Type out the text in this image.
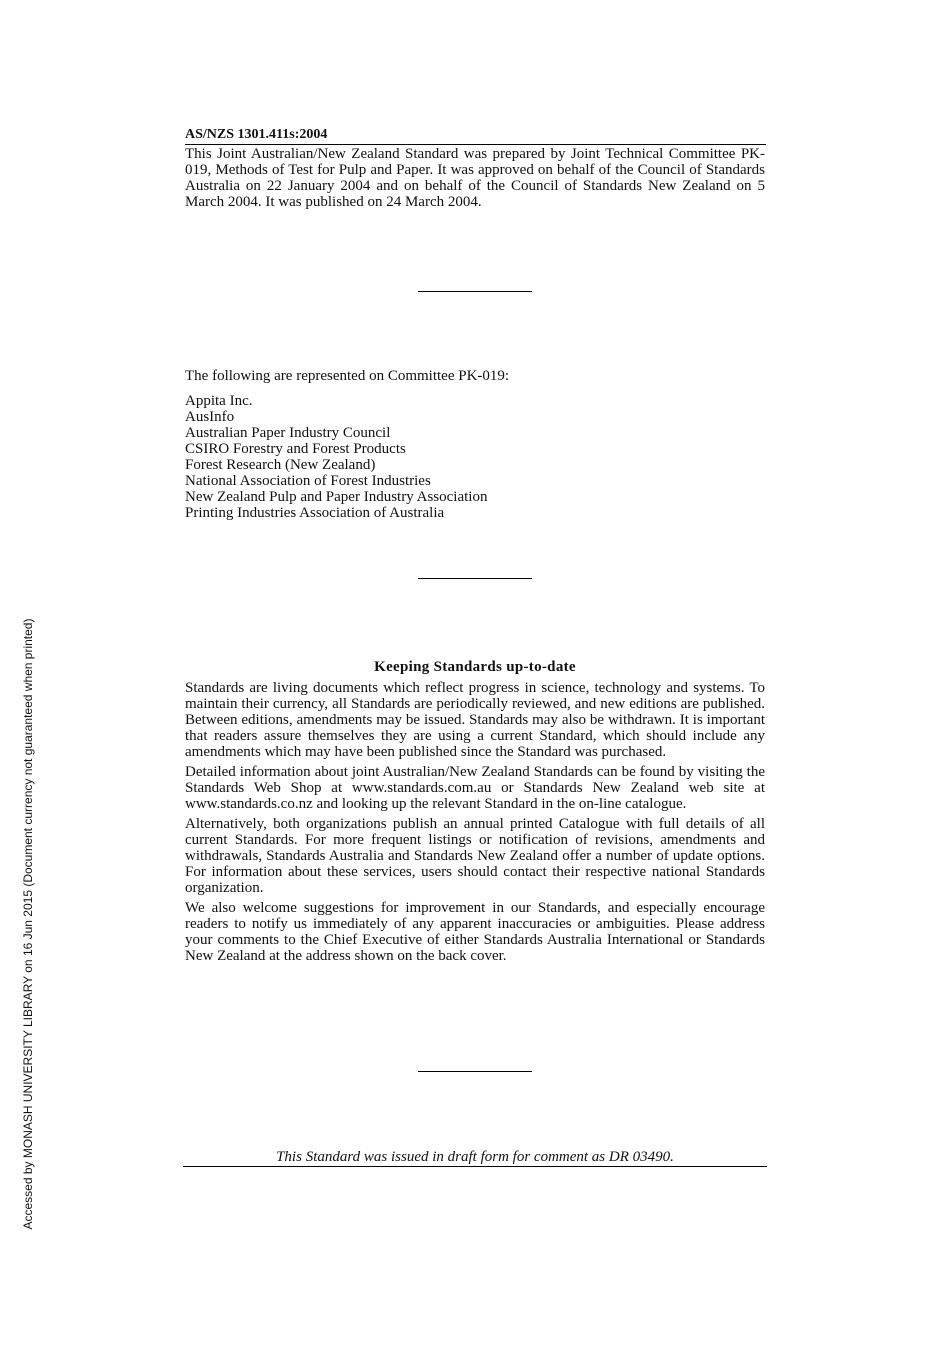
AS/NZS 1301.411s:2004

This Joint Australian/New Zealand Standard was prepared by Joint Technical Committee PK-019, Methods of Test for Pulp and Paper. It was approved on behalf of the Council of Standards Australia on 22 January 2004 and on behalf of the Council of Standards New Zealand on 5 March 2004. It was published on 24 March 2004.

The following are represented on Committee PK-019:
Appita Inc.
AusInfo
Australian Paper Industry Council
CSIRO Forestry and Forest Products
Forest Research (New Zealand)
National Association of Forest Industries
New Zealand Pulp and Paper Industry Association
Printing Industries Association of Australia
Keeping Standards up-to-date

Standards are living documents which reflect progress in science, technology and systems. To maintain their currency, all Standards are periodically reviewed, and new editions are published. Between editions, amendments may be issued. Standards may also be withdrawn. It is important that readers assure themselves they are using a current Standard, which should include any amendments which may have been published since the Standard was purchased.

Detailed information about joint Australian/New Zealand Standards can be found by visiting the Standards Web Shop at www.standards.com.au or Standards New Zealand web site at www.standards.co.nz and looking up the relevant Standard in the on-line catalogue.

Alternatively, both organizations publish an annual printed Catalogue with full details of all current Standards. For more frequent listings or notification of revisions, amendments and withdrawals, Standards Australia and Standards New Zealand offer a number of update options. For information about these services, users should contact their respective national Standards organization.

We also welcome suggestions for improvement in our Standards, and especially encourage readers to notify us immediately of any apparent inaccuracies or ambiguities. Please address your comments to the Chief Executive of either Standards Australia International or Standards New Zealand at the address shown on the back cover.

This Standard was issued in draft form for comment as DR 03490.
Accessed by MONASH UNIVERSITY LIBRARY on 16 Jun 2015 (Document currency not guaranteed when printed)
